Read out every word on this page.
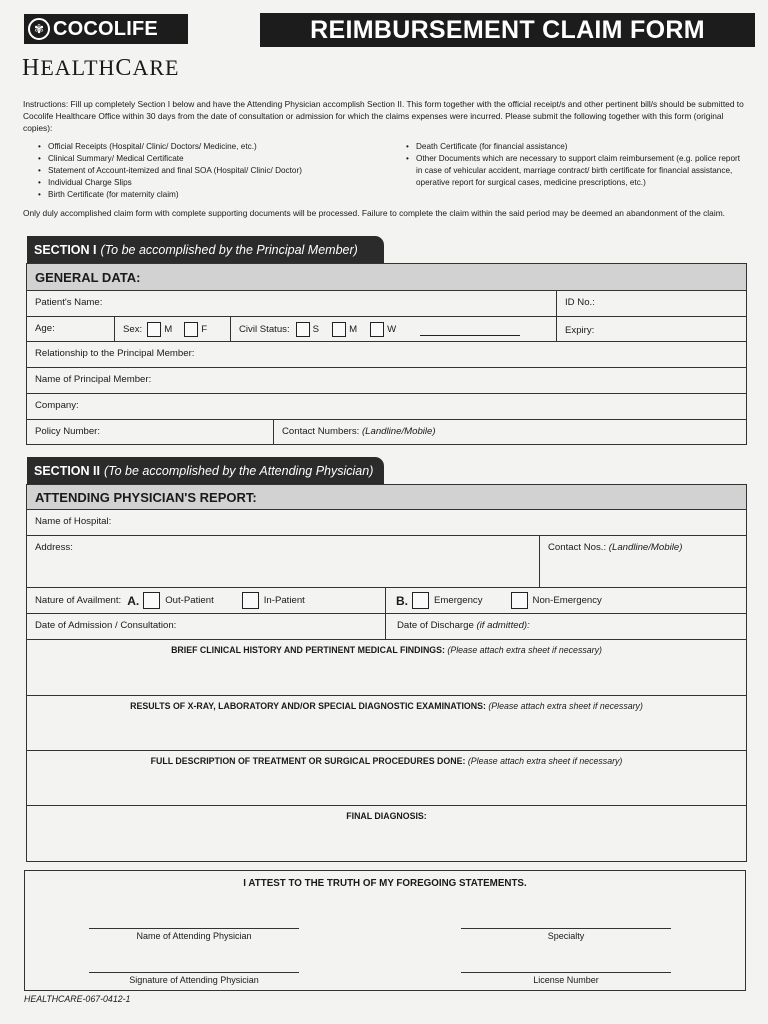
✾ COCOLIFE
HEALTHCARE
REIMBURSEMENT CLAIM FORM
Instructions: Fill up completely Section I below and have the Attending Physician accomplish Section II. This form together with the official receipt/s and other pertinent bill/s should be submitted to Cocolife Healthcare Office within 30 days from the date of consultation or admission for which the claims expenses were incurred. Please submit the following together with this form (original copies):
• Official Receipts (Hospital/ Clinic/ Doctors/ Medicine, etc.)
• Clinical Summary/ Medical Certificate
• Statement of Account-itemized and final SOA (Hospital/ Clinic/ Doctor)
• Individual Charge Slips
• Birth Certificate (for maternity claim)
• Death Certificate (for financial assistance)
• Other Documents which are necessary to support claim reimbursement (e.g. police report in case of vehicular accident, marriage contract/ birth certificate for financial assistance, operative report for surgical cases, medicine prescriptions, etc.)
Only duly accomplished claim form with complete supporting documents will be processed. Failure to complete the claim within the said period may be deemed an abandonment of the claim.
SECTION I (To be accomplished by the Principal Member)
GENERAL DATA:
Patient's Name:	ID No.:
Age:	Sex: M	F	Civil Status: S	M	W	Expiry:
Relationship to the Principal Member:
Name of Principal Member:
Company:
Policy Number:	Contact Numbers: (Landline/Mobile)
SECTION II (To be accomplished by the Attending Physician)
ATTENDING PHYSICIAN'S REPORT:
Name of Hospital:
Address:	Contact Nos.: (Landline/Mobile)
Nature of Availment: A.	Out-Patient	In-Patient	B.	Emergency	Non-Emergency
Date of Admission / Consultation:	Date of Discharge (if admitted):
BRIEF CLINICAL HISTORY AND PERTINENT MEDICAL FINDINGS: (Please attach extra sheet if necessary)
RESULTS OF X-RAY, LABORATORY AND/OR SPECIAL DIAGNOSTIC EXAMINATIONS: (Please attach extra sheet if necessary)
FULL DESCRIPTION OF TREATMENT OR SURGICAL PROCEDURES DONE: (Please attach extra sheet if necessary)
FINAL DIAGNOSIS:
I ATTEST TO THE TRUTH OF MY FOREGOING STATEMENTS.
Name of Attending Physician	Specialty
Signature of Attending Physician	License Number
HEALTHCARE-067-0412-1
